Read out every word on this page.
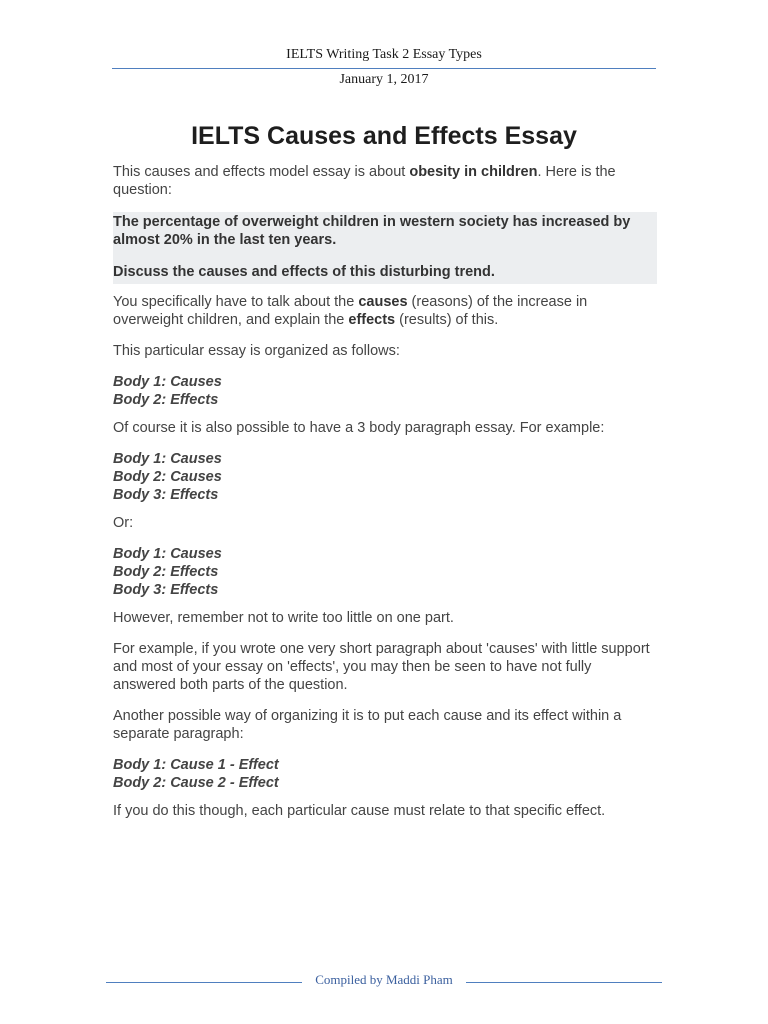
IELTS Writing Task 2 Essay Types
January 1, 2017
IELTS Causes and Effects Essay

This causes and effects model essay is about obesity in children. Here is the question:

The percentage of overweight children in western society has increased by almost 20% in the last ten years.

Discuss the causes and effects of this disturbing trend.

You specifically have to talk about the causes (reasons) of the increase in overweight children, and explain the effects (results) of this.

This particular essay is organized as follows:

Body 1: Causes
Body 2: Effects

Of course it is also possible to have a 3 body paragraph essay. For example:

Body 1: Causes
Body 2: Causes
Body 3: Effects

Or:

Body 1: Causes
Body 2: Effects
Body 3: Effects

However, remember not to write too little on one part.

For example, if you wrote one very short paragraph about 'causes' with little support and most of your essay on 'effects', you may then be seen to have not fully answered both parts of the question.

Another possible way of organizing it is to put each cause and its effect within a separate paragraph:

Body 1: Cause 1 - Effect
Body 2: Cause 2 - Effect

If you do this though, each particular cause must relate to that specific effect.

Compiled by Maddi Pham
